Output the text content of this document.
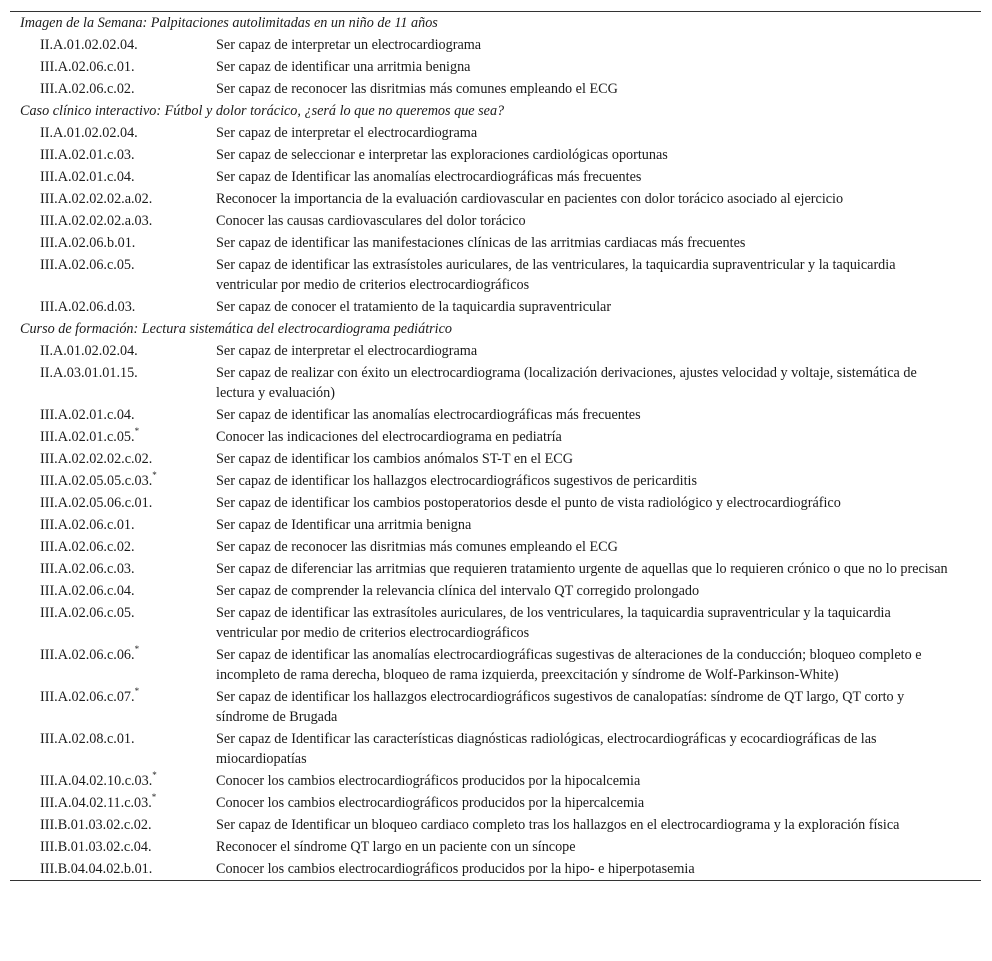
Imagen de la Semana: Palpitaciones autolimitadas en un niño de 11 años	
II.A.01.02.02.04.	Ser capaz de interpretar un electrocardiograma
III.A.02.06.c.01.	Ser capaz de identificar una arritmia benigna
III.A.02.06.c.02.	Ser capaz de reconocer las disritmias más comunes empleando el ECG
Caso clínico interactivo: Fútbol y dolor torácico, ¿será lo que no queremos que sea?	
II.A.01.02.02.04.	Ser capaz de interpretar el electrocardiograma
III.A.02.01.c.03.	Ser capaz de seleccionar e interpretar las exploraciones cardiológicas oportunas
III.A.02.01.c.04.	Ser capaz de Identificar las anomalías electrocardiográficas más frecuentes
III.A.02.02.02.a.02.	Reconocer la importancia de la evaluación cardiovascular en pacientes con dolor torácico asociado al ejercicio
III.A.02.02.02.a.03.	Conocer las causas cardiovasculares del dolor torácico
III.A.02.06.b.01.	Ser capaz de identificar las manifestaciones clínicas de las arritmias cardiacas más frecuentes
III.A.02.06.c.05.	Ser capaz de identificar las extrasístoles auriculares, de las ventriculares, la taquicardia supraventricular y la taquicardia ventricular por medio de criterios electrocardiográficos
III.A.02.06.d.03.	Ser capaz de conocer el tratamiento de la taquicardia supraventricular
Curso de formación: Lectura sistemática del electrocardiograma pediátrico	
II.A.01.02.02.04.	Ser capaz de interpretar el electrocardiograma
II.A.03.01.01.15.	Ser capaz de realizar con éxito un electrocardiograma (localización derivaciones, ajustes velocidad y voltaje, sistemática de lectura y evaluación)
III.A.02.01.c.04.	Ser capaz de identificar las anomalías electrocardiográficas más frecuentes
III.A.02.01.c.05.*	Conocer las indicaciones del electrocardiograma en pediatría
III.A.02.02.02.c.02.	Ser capaz de identificar los cambios anómalos ST-T en el ECG
III.A.02.05.05.c.03.*	Ser capaz de identificar los hallazgos electrocardiográficos sugestivos de pericarditis
III.A.02.05.06.c.01.	Ser capaz de identificar los cambios postoperatorios desde el punto de vista radiológico y electrocardiográfico
III.A.02.06.c.01.	Ser capaz de Identificar una arritmia benigna
III.A.02.06.c.02.	Ser capaz de reconocer las disritmias más comunes empleando el ECG
III.A.02.06.c.03.	Ser capaz de diferenciar las arritmias que requieren tratamiento urgente de aquellas que lo requieren crónico o que no lo precisan
III.A.02.06.c.04.	Ser capaz de comprender la relevancia clínica del intervalo QT corregido prolongado
III.A.02.06.c.05.	Ser capaz de identificar las extrasítoles auriculares, de los ventriculares, la taquicardia supraventricular y la taquicardia ventricular por medio de criterios electrocardiográficos
III.A.02.06.c.06.*	Ser capaz de identificar las anomalías electrocardiográficas sugestivas de alteraciones de la conducción; bloqueo completo e incompleto de rama derecha, bloqueo de rama izquierda, preexcitación y síndrome de Wolf-Parkinson-White)
III.A.02.06.c.07.*	Ser capaz de identificar los hallazgos electrocardiográficos sugestivos de canalopatías: síndrome de QT largo, QT corto y síndrome de Brugada
III.A.02.08.c.01.	Ser capaz de Identificar las características diagnósticas radiológicas, electrocardiográficas y ecocardiográficas de las miocardiopatías
III.A.04.02.10.c.03.*	Conocer los cambios electrocardiográficos producidos por la hipocalcemia
III.A.04.02.11.c.03.*	Conocer los cambios electrocardiográficos producidos por la hipercalcemia
III.B.01.03.02.c.02.	Ser capaz de Identificar un bloqueo cardiaco completo tras los hallazgos en el electrocardiograma y la exploración física
III.B.01.03.02.c.04.	Reconocer el síndrome QT largo en un paciente con un síncope
III.B.04.04.02.b.01.	Conocer los cambios electrocardiográficos producidos por la hipo- e hiperpotasemia
